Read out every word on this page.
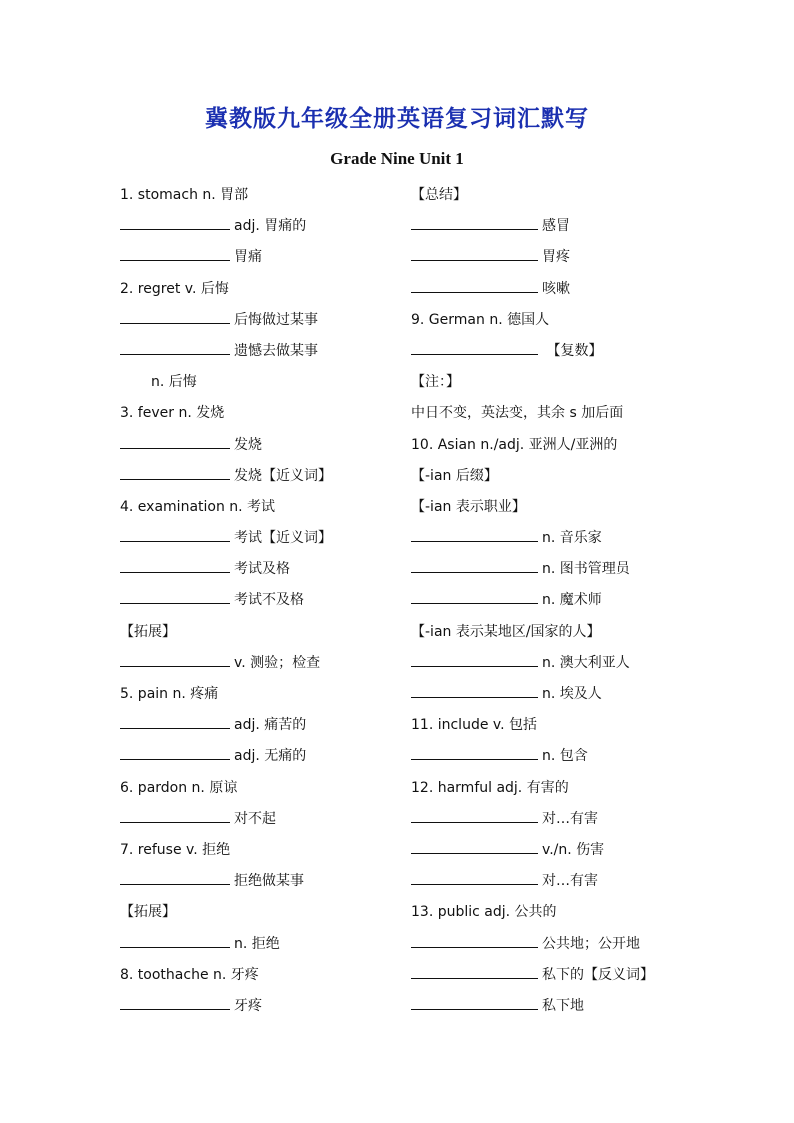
冀教版九年级全册英语复习词汇默写
Grade Nine Unit 1
1. stomach n. 胃部
adj. 胃痛的
胃痛
2. regret v. 后悔
后悔做过某事
遗憾去做某事
n. 后悔
3. fever n. 发烧
发烧
发烧【近义词】
4. examination n. 考试
考试【近义词】
考试及格
考试不及格
【拓展】
v. 测验；检查
5. pain n. 疼痛
adj. 痛苦的
adj. 无痛的
6. pardon n. 原谅
对不起
7. refuse v. 拒绝
拒绝做某事
【拓展】
n. 拒绝
8. toothache n. 牙疼
牙疼
【总结】
感冒
胃疼
咳嗽
9. German n. 德国人
【复数】
【注：】
中日不变，英法变，其余 s 加后面
10. Asian n./adj. 亚洲人/亚洲的
【-ian 后缀】
【-ian 表示职业】
n. 音乐家
n. 图书管理员
n. 魔术师
【-ian 表示某地区/国家的人】
n. 澳大利亚人
n. 埃及人
11. include v. 包括
n. 包含
12. harmful adj. 有害的
对…有害
v./n. 伤害
对…有害
13. public adj. 公共的
公共地；公开地
私下的【反义词】
私下地
